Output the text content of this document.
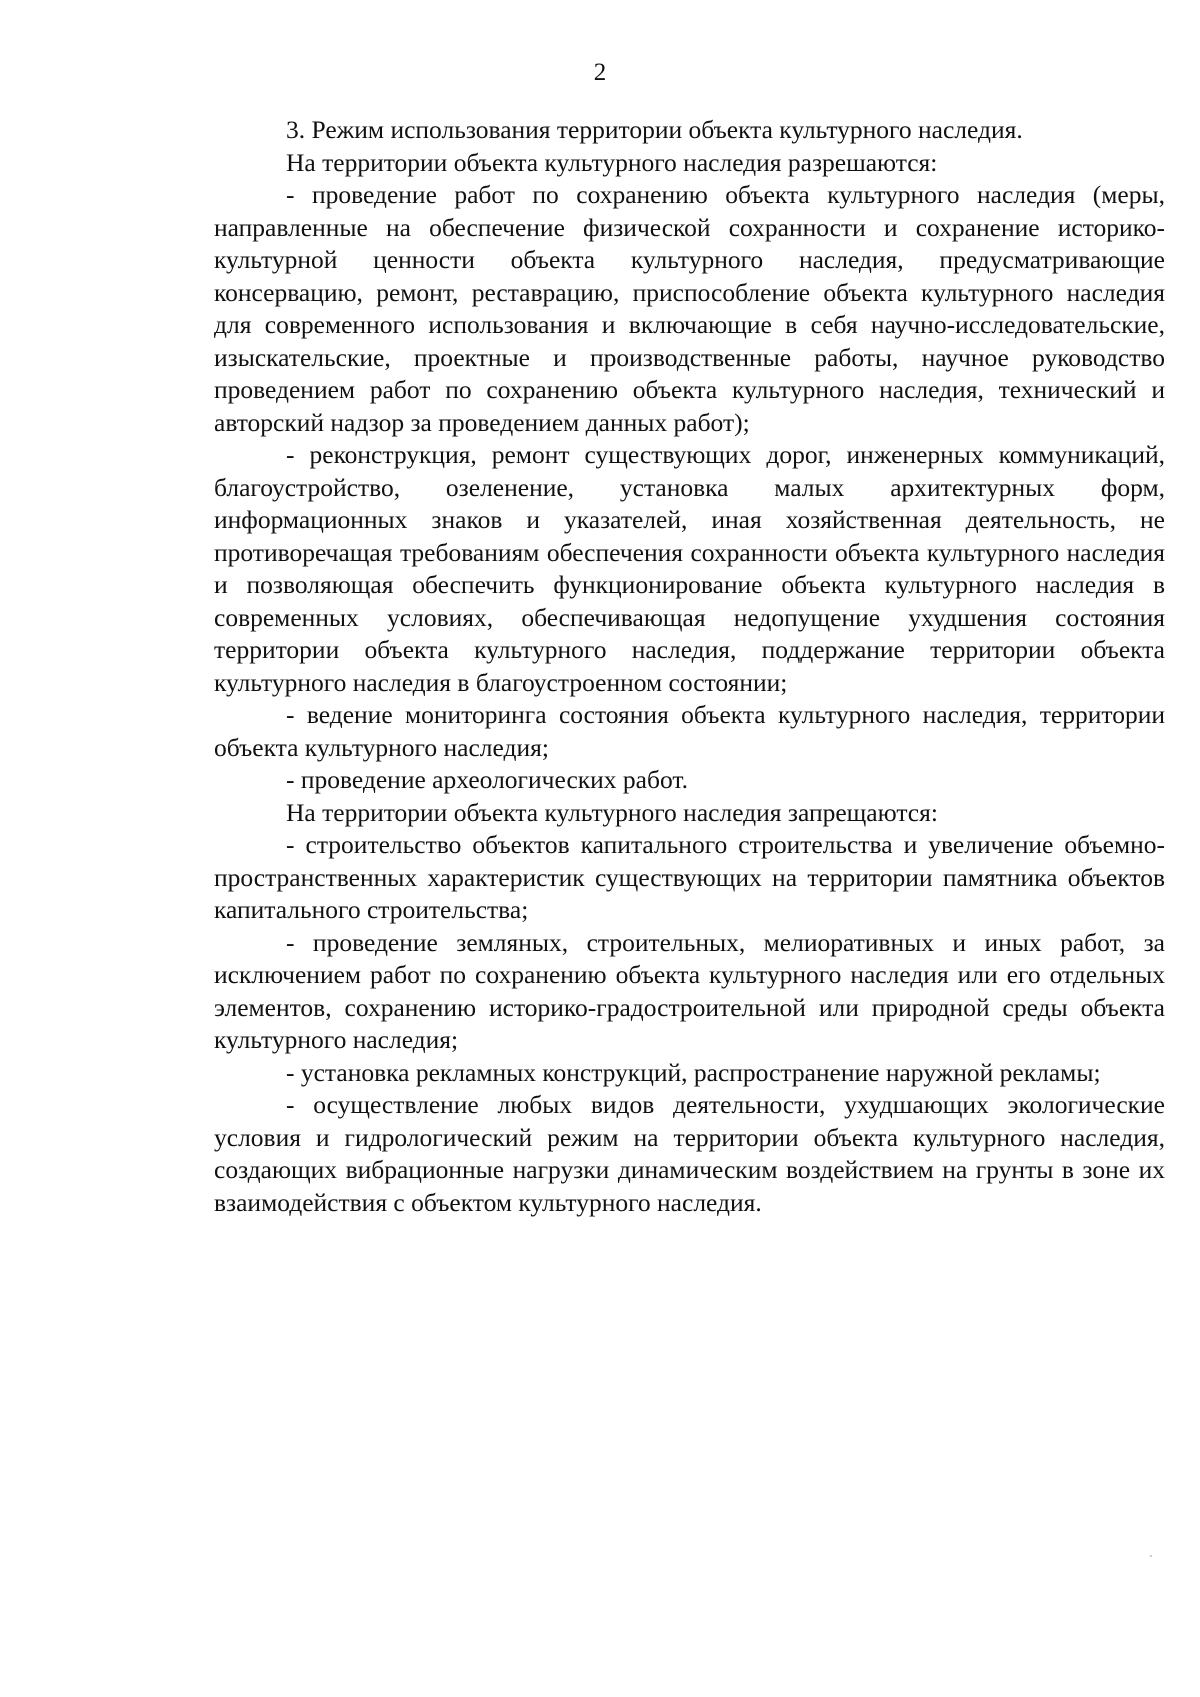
2

3. Режим использования территории объекта культурного наследия.

На территории объекта культурного наследия разрешаются:

- проведение работ по сохранению объекта культурного наследия (меры, направленные на обеспечение физической сохранности и сохранение историко-культурной ценности объекта культурного наследия, предусматривающие консервацию, ремонт, реставрацию, приспособление объекта культурного наследия для современного использования и включающие в себя научно-исследовательские, изыскательские, проектные и производственные работы, научное руководство проведением работ по сохранению объекта культурного наследия, технический и авторский надзор за проведением данных работ);

- реконструкция, ремонт существующих дорог, инженерных коммуникаций, благоустройство, озеленение, установка малых архитектурных форм, информационных знаков и указателей, иная хозяйственная деятельность, не противоречащая требованиям обеспечения сохранности объекта культурного наследия и позволяющая обеспечить функционирование объекта культурного наследия в современных условиях, обеспечивающая недопущение ухудшения состояния территории объекта культурного наследия, поддержание территории объекта культурного наследия в благоустроенном состоянии;

- ведение мониторинга состояния объекта культурного наследия, территории объекта культурного наследия;

- проведение археологических работ.

На территории объекта культурного наследия запрещаются:

- строительство объектов капитального строительства и увеличение объемно-пространственных характеристик существующих на территории памятника объектов капитального строительства;

- проведение земляных, строительных, мелиоративных и иных работ, за исключением работ по сохранению объекта культурного наследия или его отдельных элементов, сохранению историко-градостроительной или природной среды объекта культурного наследия;

- установка рекламных конструкций, распространение наружной рекламы;

- осуществление любых видов деятельности, ухудшающих экологические условия и гидрологический режим на территории объекта культурного наследия, создающих вибрационные нагрузки динамическим воздействием на грунты в зоне их взаимодействия с объектом культурного наследия.
